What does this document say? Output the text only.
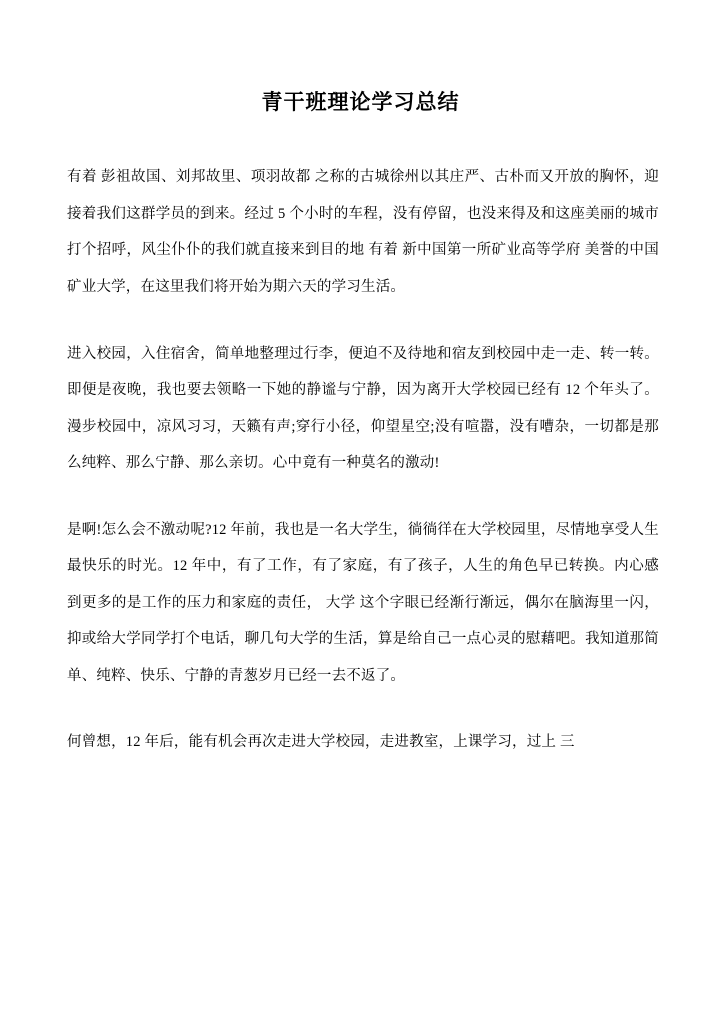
青干班理论学习总结

有着 彭祖故国、刘邦故里、项羽故都 之称的古城徐州以其庄严、古朴而又开放的胸怀，迎接着我们这群学员的到来。经过 5 个小时的车程，没有停留，也没来得及和这座美丽的城市打个招呼，风尘仆仆的我们就直接来到目的地 有着 新中国第一所矿业高等学府 美誉的中国矿业大学，在这里我们将开始为期六天的学习生活。

进入校园，入住宿舍，简单地整理过行李，便迫不及待地和宿友到校园中走一走、转一转。即便是夜晚，我也要去领略一下她的静谧与宁静，因为离开大学校园已经有 12 个年头了。漫步校园中，凉风习习，天籁有声;穿行小径，仰望星空;没有喧嚣，没有嘈杂，一切都是那么纯粹、那么宁静、那么亲切。心中竟有一种莫名的激动!

是啊!怎么会不激动呢?12 年前，我也是一名大学生，徜徜徉在大学校园里，尽情地享受人生最快乐的时光。12 年中，有了工作，有了家庭，有了孩子，人生的角色早已转换。内心感到更多的是工作的压力和家庭的责任， 大学 这个字眼已经渐行渐远，偶尔在脑海里一闪，抑或给大学同学打个电话，聊几句大学的生活，算是给自己一点心灵的慰藉吧。我知道那简单、纯粹、快乐、宁静的青葱岁月已经一去不返了。

何曾想，12 年后，能有机会再次走进大学校园，走进教室，上课学习，过上 三
